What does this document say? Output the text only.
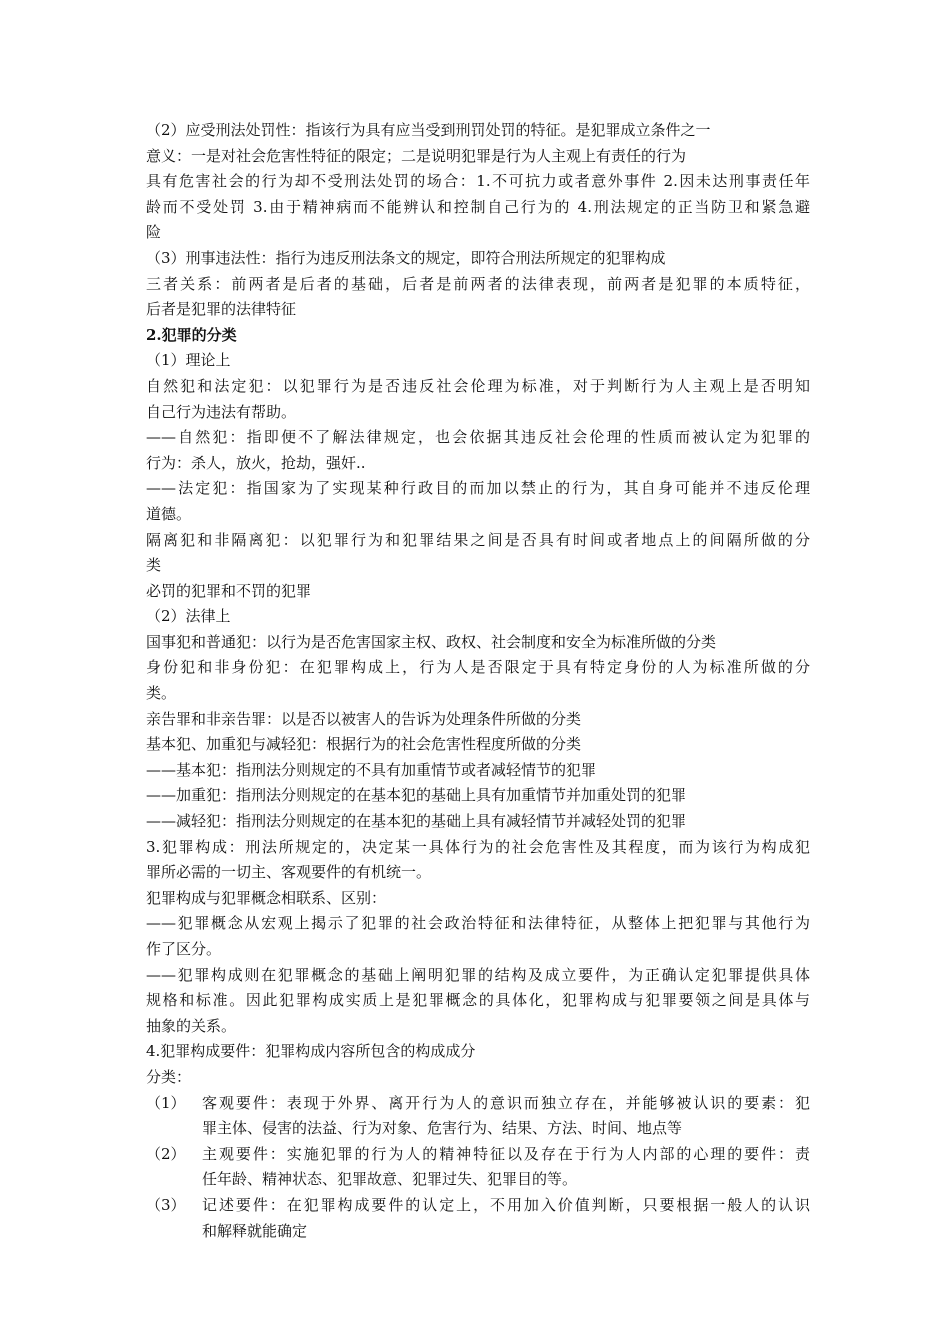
（2）应受刑法处罚性：指该行为具有应当受到刑罚处罚的特征。是犯罪成立条件之一
意义：一是对社会危害性特征的限定；二是说明犯罪是行为人主观上有责任的行为
具有危害社会的行为却不受刑法处罚的场合：1.不可抗力或者意外事件 2.因未达刑事责任年
龄而不受处罚 3.由于精神病而不能辨认和控制自己行为的 4.刑法规定的正当防卫和紧急避
险
（3）刑事违法性：指行为违反刑法条文的规定，即符合刑法所规定的犯罪构成
三者关系：前两者是后者的基础，后者是前两者的法律表现，前两者是犯罪的本质特征，
后者是犯罪的法律特征
2.犯罪的分类
（1）理论上
自然犯和法定犯：以犯罪行为是否违反社会伦理为标准，对于判断行为人主观上是否明知
自己行为违法有帮助。
——自然犯：指即便不了解法律规定，也会依据其违反社会伦理的性质而被认定为犯罪的
行为：杀人，放火，抢劫，强奸..
——法定犯：指国家为了实现某种行政目的而加以禁止的行为，其自身可能并不违反伦理
道德。
隔离犯和非隔离犯：以犯罪行为和犯罪结果之间是否具有时间或者地点上的间隔所做的分
类
必罚的犯罪和不罚的犯罪
（2）法律上
国事犯和普通犯：以行为是否危害国家主权、政权、社会制度和安全为标准所做的分类
身份犯和非身份犯：在犯罪构成上，行为人是否限定于具有特定身份的人为标准所做的分
类。
亲告罪和非亲告罪：以是否以被害人的告诉为处理条件所做的分类
基本犯、加重犯与减轻犯：根据行为的社会危害性程度所做的分类
——基本犯：指刑法分则规定的不具有加重情节或者减轻情节的犯罪
——加重犯：指刑法分则规定的在基本犯的基础上具有加重情节并加重处罚的犯罪
——减轻犯：指刑法分则规定的在基本犯的基础上具有减轻情节并减轻处罚的犯罪
3.犯罪构成：刑法所规定的，决定某一具体行为的社会危害性及其程度，而为该行为构成犯
罪所必需的一切主、客观要件的有机统一。
犯罪构成与犯罪概念相联系、区别：
——犯罪概念从宏观上揭示了犯罪的社会政治特征和法律特征，从整体上把犯罪与其他行为
作了区分。
——犯罪构成则在犯罪概念的基础上阐明犯罪的结构及成立要件，为正确认定犯罪提供具体
规格和标准。因此犯罪构成实质上是犯罪概念的具体化，犯罪构成与犯罪要领之间是具体与
抽象的关系。
4.犯罪构成要件：犯罪构成内容所包含的构成成分
分类：
（1）	客观要件：表现于外界、离开行为人的意识而独立存在，并能够被认识的要素：犯
罪主体、侵害的法益、行为对象、危害行为、结果、方法、时间、地点等
（2）	主观要件：实施犯罪的行为人的精神特征以及存在于行为人内部的心理的要件：责
任年龄、精神状态、犯罪故意、犯罪过失、犯罪目的等。
（3）	记述要件：在犯罪构成要件的认定上，不用加入价值判断，只要根据一般人的认识
和解释就能确定
